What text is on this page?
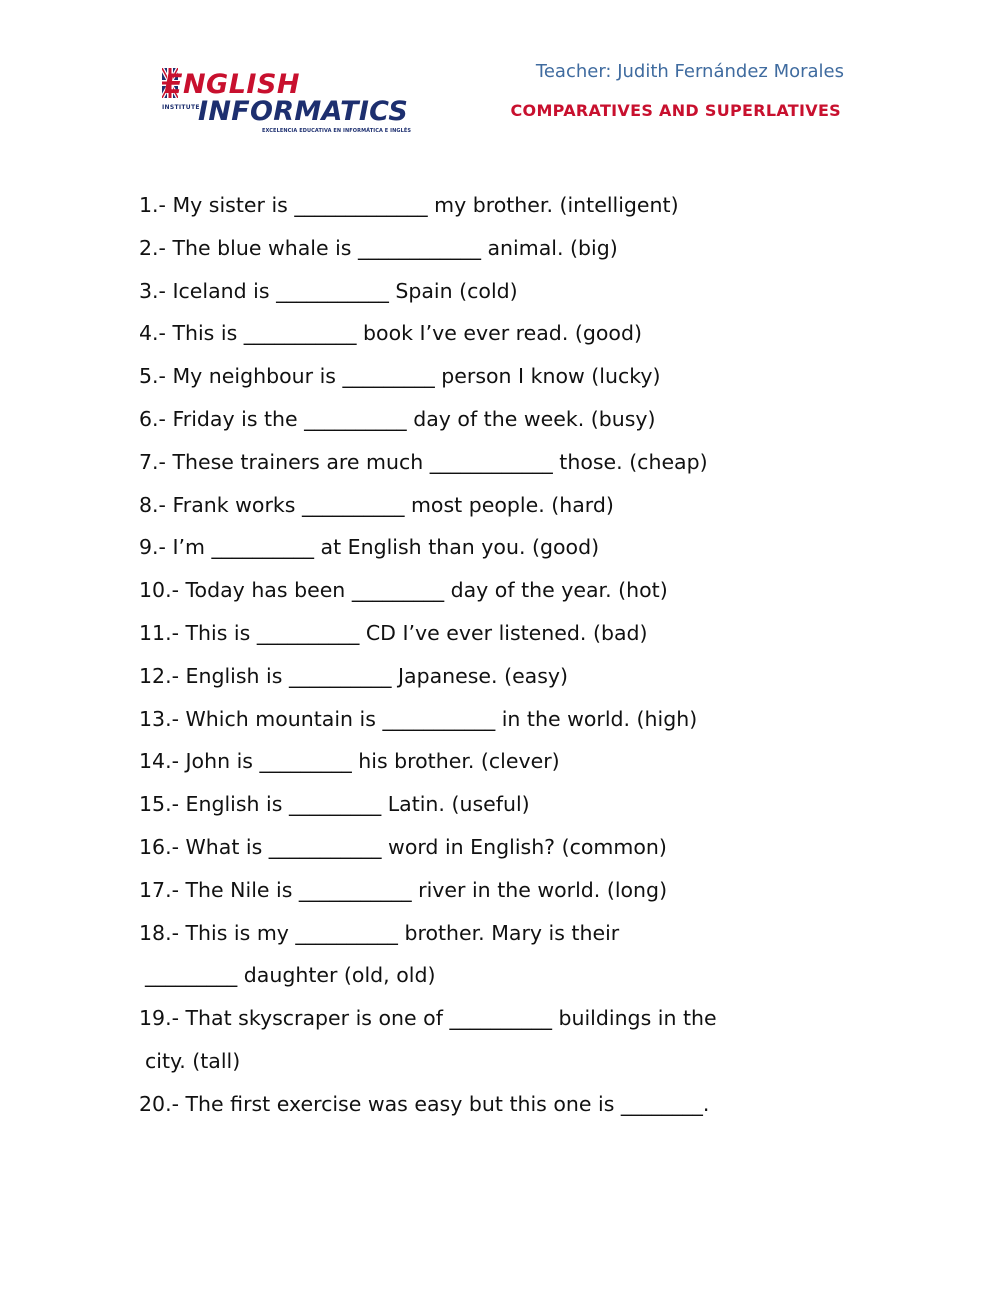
ENGLISH
INSTITUTE
INFORMATICS
EXCELENCIA EDUCATIVA EN INFORMÁTICA E INGLÉS
Teacher: Judith Fernández Morales
COMPARATIVES AND SUPERLATIVES
1.- My sister is _____________ my brother. (intelligent)
2.- The blue whale is ____________ animal. (big)
3.- Iceland is ___________ Spain (cold)
4.- This is ___________ book I’ve ever read. (good)
5.- My neighbour is _________ person I know (lucky)
6.- Friday is the __________ day of the week. (busy)
7.- These trainers are much ____________ those. (cheap)
8.- Frank works __________ most people. (hard)
9.- I’m __________ at English than you. (good)
10.- Today has been _________ day of the year. (hot)
11.- This is __________ CD I’ve ever listened. (bad)
12.- English is __________ Japanese. (easy)
13.- Which mountain is ___________ in the world. (high)
14.- John is _________ his brother. (clever)
15.- English is _________ Latin. (useful)
16.- What is ___________ word in English? (common)
17.- The Nile is ___________ river in the world. (long)
18.- This is my __________ brother. Mary is their
_________ daughter (old, old)
19.- That skyscraper is one of __________ buildings in the
city. (tall)
20.- The first exercise was easy but this one is ________.
